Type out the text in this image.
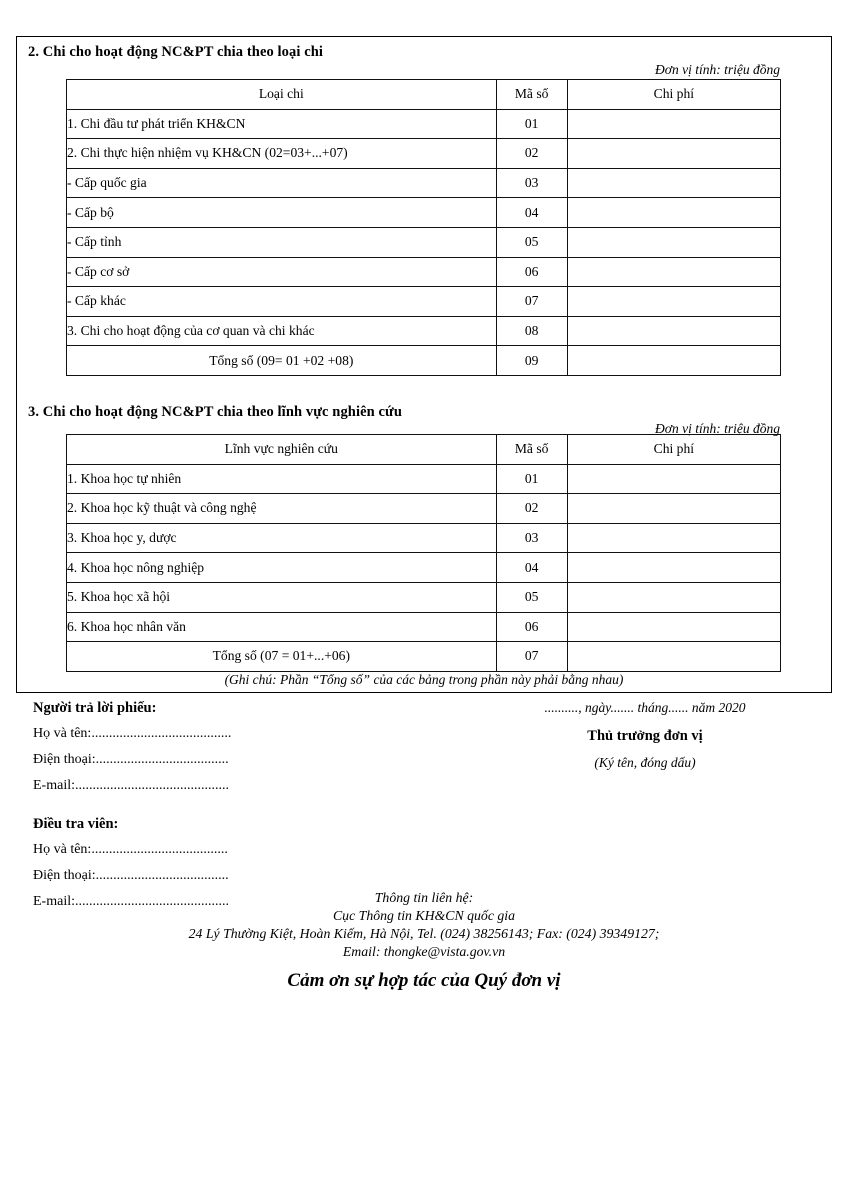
2. Chi cho hoạt động NC&PT chia theo loại chi
Đơn vị tính: triệu đồng
Loại chi	Mã số	Chi phí
1. Chi đầu tư phát triển KH&CN	01	
2. Chi thực hiện nhiệm vụ KH&CN (02=03+...+07)	02	
- Cấp quốc gia	03	
- Cấp bộ	04	
- Cấp tỉnh	05	
- Cấp cơ sở	06	
- Cấp khác	07	
3. Chi cho hoạt động của cơ quan và chi khác	08	
Tổng số (09= 01 +02 +08)	09	
3. Chi cho hoạt động NC&PT chia theo lĩnh vực nghiên cứu
Đơn vị tính: triệu đồng
Lĩnh vực nghiên cứu	Mã số	Chi phí
1. Khoa học tự nhiên	01	
2. Khoa học kỹ thuật và công nghệ	02	
3. Khoa học y, dược	03	
4. Khoa học nông nghiệp	04	
5. Khoa học xã hội	05	
6. Khoa học nhân văn	06	
Tổng số (07 = 01+...+06)	07	
(Ghi chú: Phần “Tổng số” của các bảng trong phần này phải bằng nhau)

Người trả lời phiếu:

Họ và tên:........................................

Điện thoại:......................................

E-mail:............................................

Điều tra viên:

Họ và tên:.......................................

Điện thoại:......................................

E-mail:............................................

.........., ngày....... tháng...... năm 2020

Thủ trưởng đơn vị

(Ký tên, đóng dấu)

Thông tin liên hệ:

Cục Thông tin KH&CN quốc gia

24 Lý Thường Kiệt, Hoàn Kiếm, Hà Nội, Tel. (024) 38256143; Fax: (024) 39349127;

Email: thongke@vista.gov.vn

Cảm ơn sự hợp tác của Quý đơn vị
